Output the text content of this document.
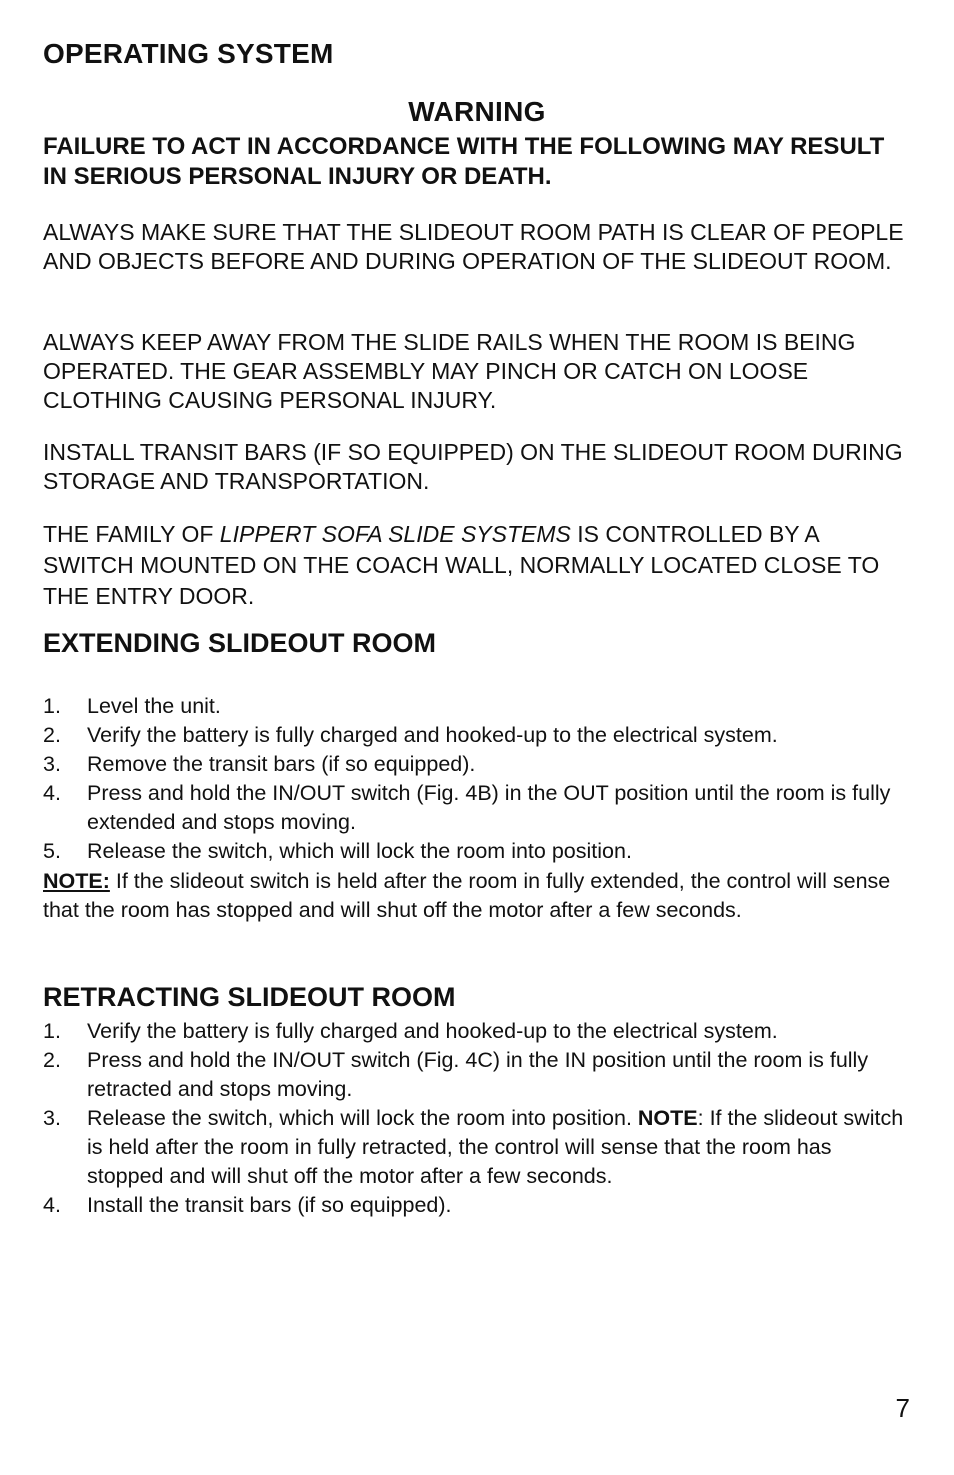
OPERATING SYSTEM
WARNING

FAILURE TO ACT IN ACCORDANCE WITH THE FOLLOWING MAY RESULT IN SERIOUS PERSONAL INJURY OR DEATH.

ALWAYS MAKE SURE THAT THE SLIDEOUT ROOM PATH IS CLEAR OF PEOPLE AND OBJECTS BEFORE AND DURING OPERATION OF THE SLIDEOUT ROOM.

ALWAYS KEEP AWAY FROM THE SLIDE RAILS WHEN THE ROOM IS BEING OPERATED. THE GEAR ASSEMBLY MAY PINCH OR CATCH ON LOOSE CLOTHING CAUSING PERSONAL INJURY.

INSTALL TRANSIT BARS (IF SO EQUIPPED) ON THE SLIDEOUT ROOM DURING STORAGE AND TRANSPORTATION.

THE FAMILY OF LIPPERT SOFA SLIDE SYSTEMS IS CONTROLLED BY A SWITCH MOUNTED ON THE COACH WALL, NORMALLY LOCATED CLOSE TO THE ENTRY DOOR.

EXTENDING SLIDEOUT ROOM
1. Level the unit.
2. Verify the battery is fully charged and hooked-up to the electrical system.
3. Remove the transit bars (if so equipped).
4. Press and hold the IN/OUT switch (Fig. 4B) in the OUT position until the room is fully extended and stops moving.
5. Release the switch, which will lock the room into position.

NOTE: If the slideout switch is held after the room in fully extended, the control will sense that the room has stopped and will shut off the motor after a few seconds.

RETRACTING SLIDEOUT ROOM
1. Verify the battery is fully charged and hooked-up to the electrical system.
2. Press and hold the IN/OUT switch (Fig. 4C) in the IN position until the room is fully retracted and stops moving.
3. Release the switch, which will lock the room into position. NOTE: If the slideout switch is held after the room in fully retracted, the control will sense that the room has stopped and will shut off the motor after a few seconds.
4. Install the transit bars (if so equipped).
7
